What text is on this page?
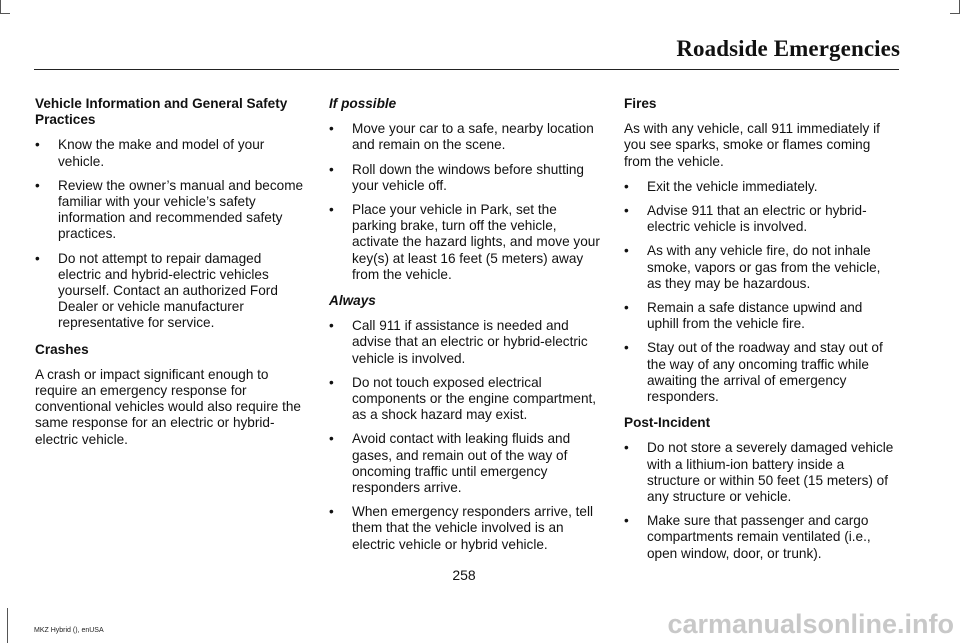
Roadside Emergencies
Vehicle Information and General Safety Practices
• Know the make and model of your vehicle.
• Review the owner’s manual and become familiar with your vehicle’s safety information and recommended safety practices.
• Do not attempt to repair damaged electric and hybrid-electric vehicles yourself. Contact an authorized Ford Dealer or vehicle manufacturer representative for service.
Crashes
A crash or impact significant enough to require an emergency response for conventional vehicles would also require the same response for an electric or hybrid-electric vehicle.
If possible
• Move your car to a safe, nearby location and remain on the scene.
• Roll down the windows before shutting your vehicle off.
• Place your vehicle in Park, set the parking brake, turn off the vehicle, activate the hazard lights, and move your key(s) at least 16 feet (5 meters) away from the vehicle.
Always
• Call 911 if assistance is needed and advise that an electric or hybrid-electric vehicle is involved.
• Do not touch exposed electrical components or the engine compartment, as a shock hazard may exist.
• Avoid contact with leaking fluids and gases, and remain out of the way of oncoming traffic until emergency responders arrive.
• When emergency responders arrive, tell them that the vehicle involved is an electric vehicle or hybrid vehicle.
Fires
As with any vehicle, call 911 immediately if you see sparks, smoke or flames coming from the vehicle.
• Exit the vehicle immediately.
• Advise 911 that an electric or hybrid-electric vehicle is involved.
• As with any vehicle fire, do not inhale smoke, vapors or gas from the vehicle, as they may be hazardous.
• Remain a safe distance upwind and uphill from the vehicle fire.
• Stay out of the roadway and stay out of the way of any oncoming traffic while awaiting the arrival of emergency responders.
Post-Incident
• Do not store a severely damaged vehicle with a lithium-ion battery inside a structure or within 50 feet (15 meters) of any structure or vehicle.
• Make sure that passenger and cargo compartments remain ventilated (i.e., open window, door, or trunk).
258
MKZ Hybrid (), enUSA	carmanualsonline.info
